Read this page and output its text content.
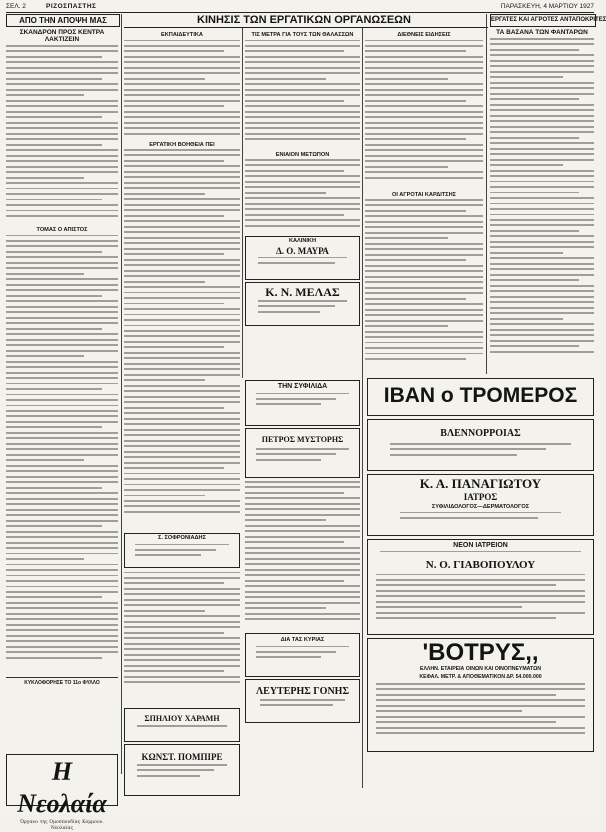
ΣΕΛ. 2	ΡΙΖΟΣΠΑΣΤΗΣ	ΠΑΡΑΣΚΕΥΗ, 4 ΜΑΡΤΙΟΥ 1927
ΑΠΟ ΤΗΝ ΑΠΟΨΗ ΜΑΣ	ΚΙΝΗΣΙΣ ΤΩΝ ΕΡΓΑΤΙΚΩΝ ΟΡΓΑΝΩΣΕΩΝ	ΕΡΓΑΤΕΣ ΚΑΙ ΑΓΡΟΤΕΣ ΑΝΤΑΠΟΚΡΙΤΕΣ
ΣΚΑΝΔΡΟΝ ΠΡΟΣ ΚΕΝΤΡΑ ΛΑΚΤΙΖΕΙΝ
ΤΟΜΑΣ Ο ΑΠΙΣΤΟΣ
ΚΥΚΛΟΦΟΡΗΣΕ ΤΟ 11ο ΦΥΛΛΟ
Η Νεολαία
Όργανο της Ομοσπονδίας Κομμουν. Νεολαίας
ΕΚΠΑΙΔΕΥΤΙΚΑ
ΕΡΓΑΤΙΚΗ ΒΟΗΘΕΙΑ ΠΕΙ
Σ. ΣΟΦΡΟΝΙΑΔΗΣ
ΤΙΣ ΜΕΤΡΑ ΓΙΑ ΤΟΥΣ ΤΩΝ ΘΑΛΑΣΣΩΝ
ΕΝΙΑΙΟΝ ΜΕΤΩΠΟΝ
ΚΑΛΙΝΙΚΗ
Δ. Ο. ΜΑΥΡΑ
Κ. Ν. ΜΕΛΑΣ
ΔΙΕΘΝΕΙΣ ΕΙΔΗΣΕΙΣ
ΟΙ ΑΓΡΟΤΑΙ ΚΑΡΔΙΤΣΗΣ
ΤΑ ΒΑΣΑΝΑ ΤΩΝ ΦΑΝΤΑΡΩΝ
ΙΒΑΝ ο ΤΡΟΜΕΡΟΣ
ΒΛΕΝΝΟΡΡΟΙΑΣ
Κ. Α. ΠΑΝΑΓΙΩΤΟΥ
ΙΑΤΡΟΣ
ΣΥΦΙΛΙΔΟΛΟΓΟΣ—ΔΕΡΜΑΤΟΛΟΓΟΣ
ΝΕΟΝ ΙΑΤΡΕΙΟΝ
Ν. Ο. ΓΙΑΒΟΠΟΥΛΟΥ
'ΒΟΤΡΥΣ,,
ΕΛΛΗΝ. ΕΤΑΙΡΕΙΑ ΟΙΝΩΝ ΚΑΙ ΟΙΝΟΠΝΕΥΜΑΤΩΝ
ΚΕΦΑΛ. ΜΕΤΡ. & ΑΠΟΘΕΜΑΤΙΚΟΝ ΔΡ. 54.000.000
ΤΗΝ ΣΥΦΙΛΙΔΑ
ΠΕΤΡΟΣ ΜΥΣΤΟΡΗΣ
ΔΙΑ ΤΑΣ ΚΥΡΙΑΣ
ΛΕΥΤΕΡΗΣ ΓΟΝΗΣ
ΣΠΗΛΙΟΥ ΧΑΡΑΜΗ
ΚΩΝΣΤ. ΠΟΜΠΙΡΕ
